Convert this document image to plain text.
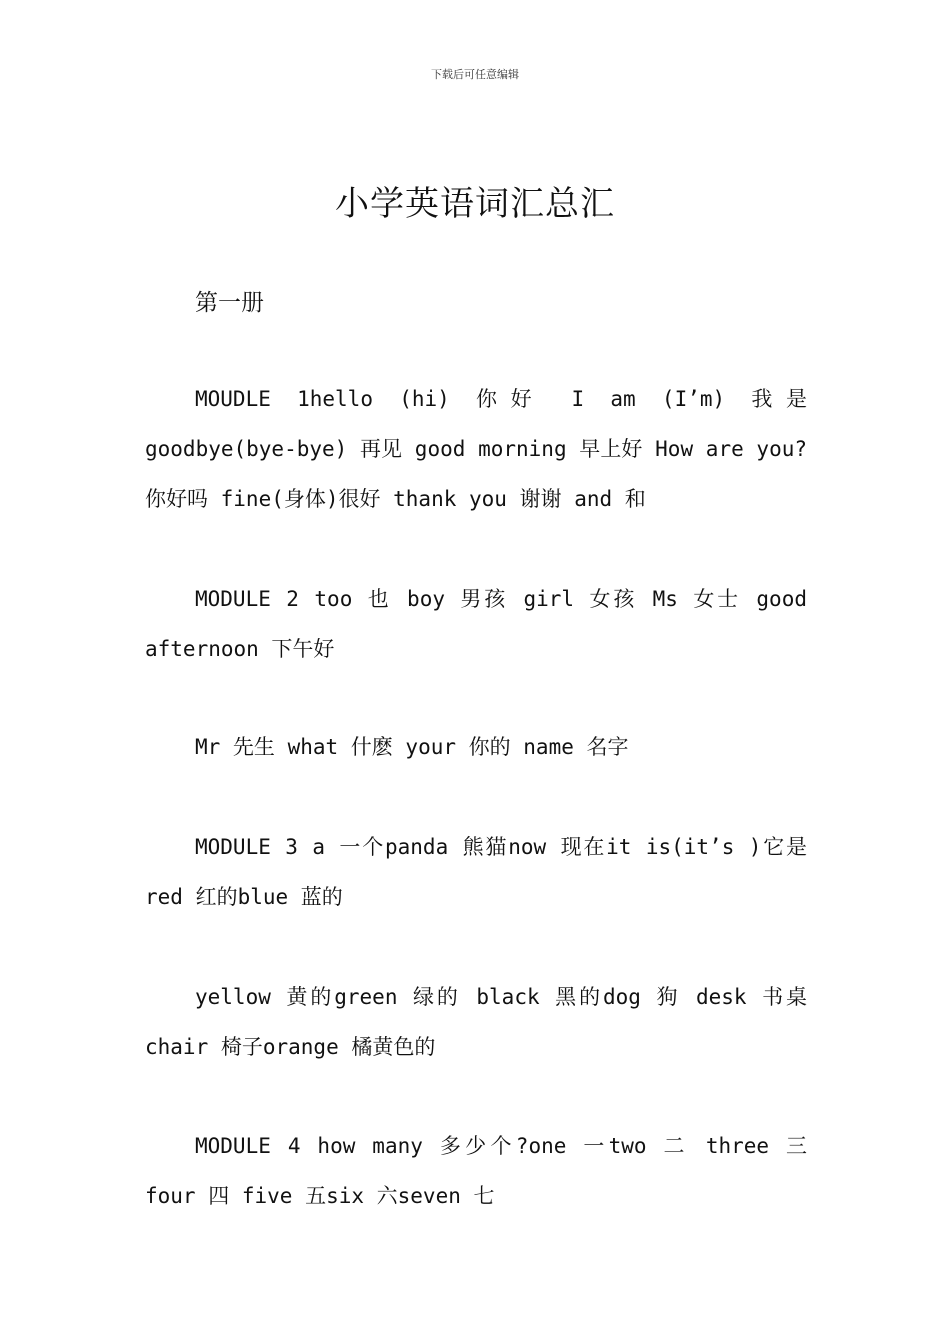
下载后可任意编辑
小学英语词汇总汇
第一册

MOUDLE 1hello (hi) 你好 I am (I’m) 我是 goodbye(bye-bye) 再见 good morning 早上好 How are you? 你好吗 fine(身体)很好 thank you 谢谢 and 和

MODULE 2 too 也 boy 男孩 girl 女孩 Ms 女士 good afternoon 下午好

Mr 先生 what 什麽 your 你的 name 名字

MODULE 3 a 一个panda 熊猫now 现在it is(it’s )它是red 红的blue 蓝的

yellow 黄的green 绿的 black 黑的dog 狗 desk 书桌chair 椅子orange 橘黄色的

MODULE 4 how many 多少个?one 一two 二 three 三 four 四 five 五six 六seven 七
